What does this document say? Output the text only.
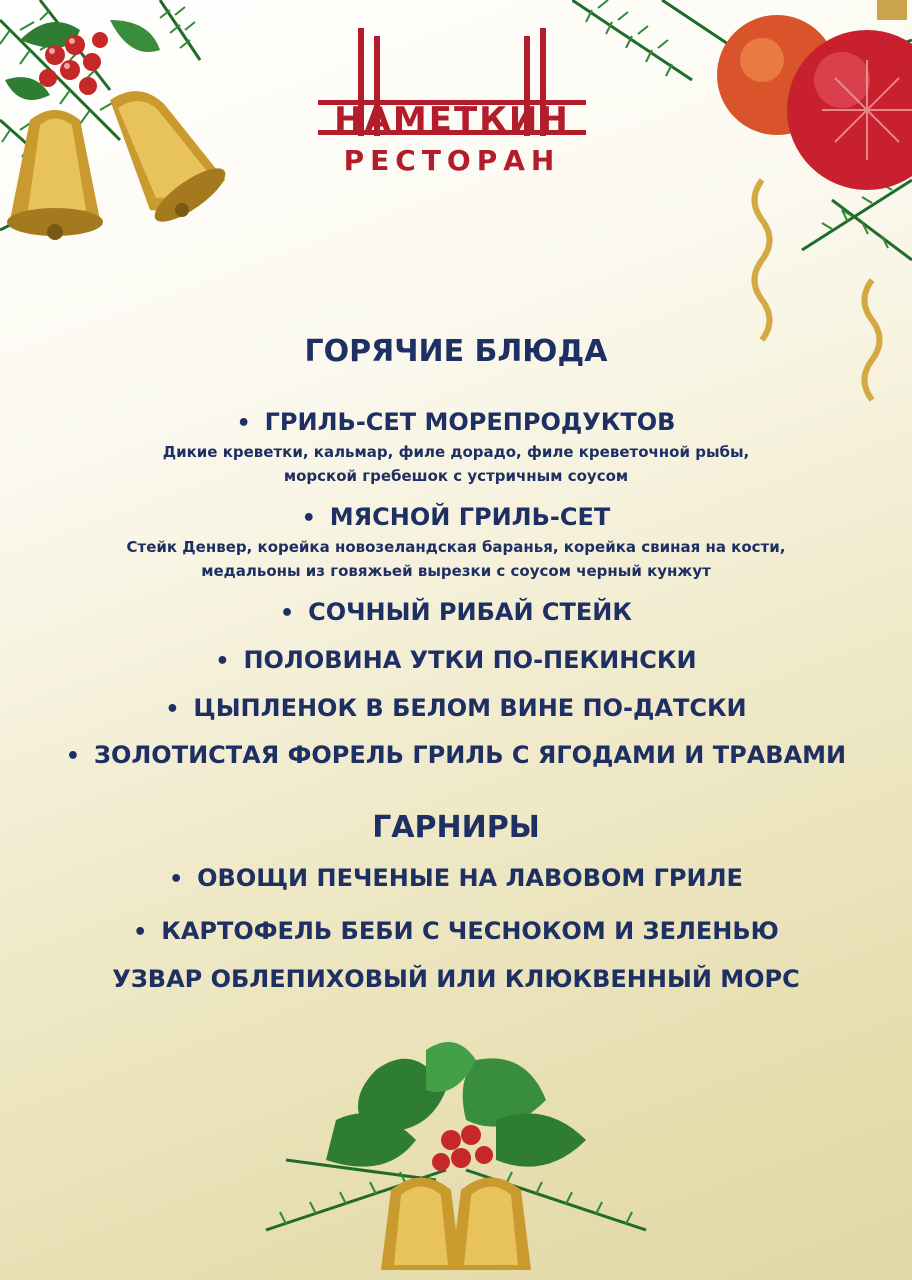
НАМЕТКИН
РЕСТОРАН
ГОРЯЧИЕ БЛЮДА
• ГРИЛЬ-СЕТ МОРЕПРОДУКТОВ
Дикие креветки, кальмар, филе дорадо, филе креветочной рыбы,
морской гребешок с устричным соусом
• МЯСНОЙ ГРИЛЬ-СЕТ
Стейк Денвер, корейка новозеландская баранья, корейка свиная на кости,
медальоны из говяжьей вырезки с соусом черный кунжут
• СОЧНЫЙ РИБАЙ СТЕЙК
• ПОЛОВИНА УТКИ ПО-ПЕКИНСКИ
• ЦЫПЛЕНОК В БЕЛОМ ВИНЕ ПО-ДАТСКИ
• ЗОЛОТИСТАЯ ФОРЕЛЬ ГРИЛЬ С ЯГОДАМИ И ТРАВАМИ
ГАРНИРЫ
• ОВОЩИ ПЕЧЕНЫЕ НА ЛАВОВОМ ГРИЛЕ
• КАРТОФЕЛЬ БЕБИ С ЧЕСНОКОМ И ЗЕЛЕНЬЮ
УЗВАР ОБЛЕПИХОВЫЙ ИЛИ КЛЮКВЕННЫЙ МОРС
